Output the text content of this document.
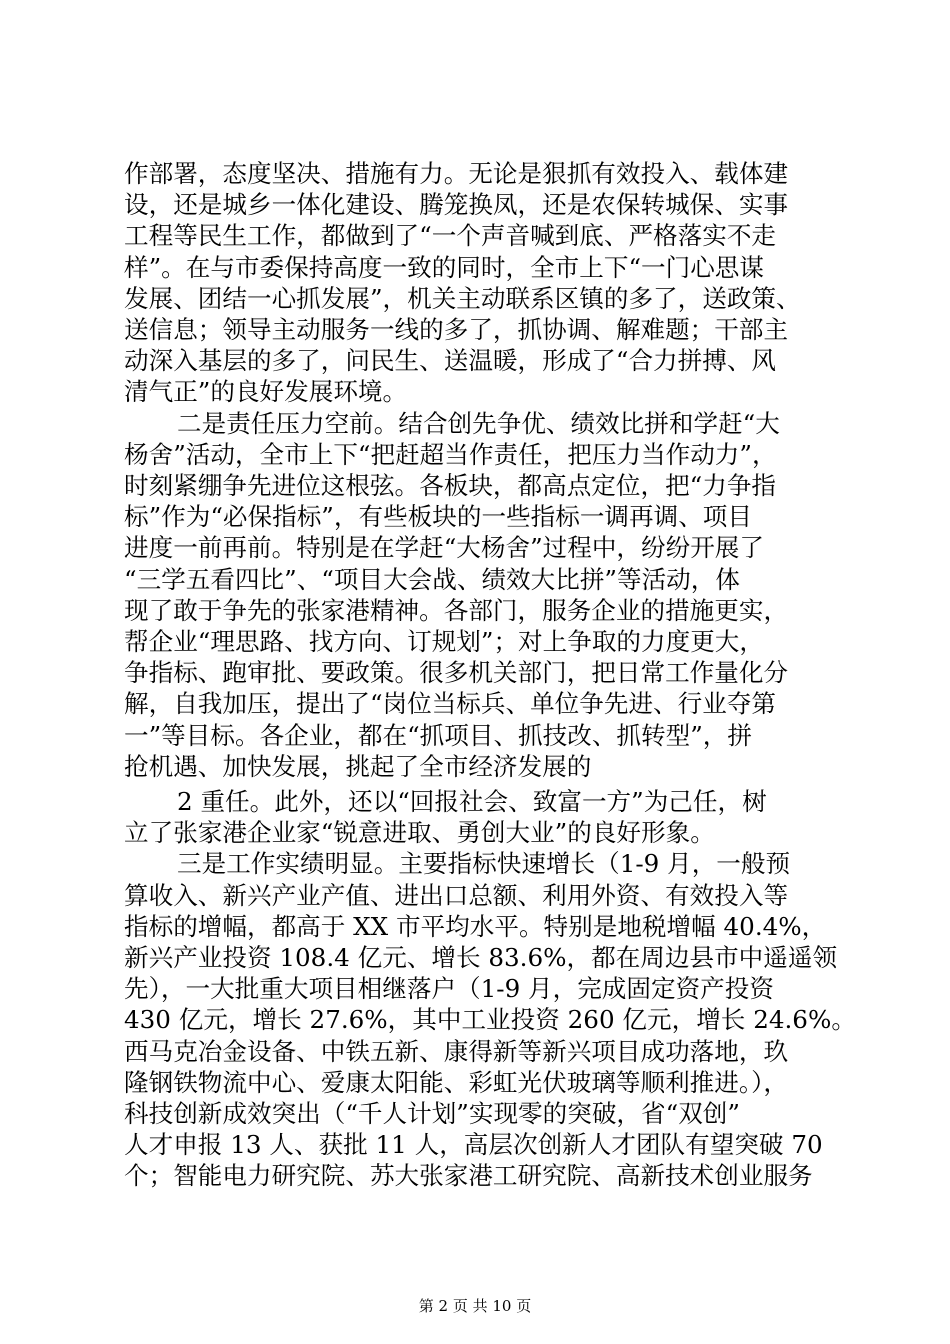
作部署，态度坚决、措施有力。无论是狠抓有效投入、载体建
设，还是城乡一体化建设、腾笼换凤，还是农保转城保、实事
工程等民生工作，都做到了“一个声音喊到底、严格落实不走
样”。在与市委保持高度一致的同时，全市上下“一门心思谋
发展、团结一心抓发展”，机关主动联系区镇的多了，送政策、
送信息；领导主动服务一线的多了，抓协调、解难题；干部主
动深入基层的多了，问民生、送温暖，形成了“合力拼搏、风
清气正”的良好发展环境。
二是责任压力空前。结合创先争优、绩效比拼和学赶“大
杨舍”活动，全市上下“把赶超当作责任，把压力当作动力”，
时刻紧绷争先进位这根弦。各板块，都高点定位，把“力争指
标”作为“必保指标”，有些板块的一些指标一调再调、项目
进度一前再前。特别是在学赶“大杨舍”过程中，纷纷开展了
“三学五看四比”、“项目大会战、绩效大比拼”等活动，体
现了敢于争先的张家港精神。各部门，服务企业的措施更实，
帮企业“理思路、找方向、订规划”；对上争取的力度更大，
争指标、跑审批、要政策。很多机关部门，把日常工作量化分
解，自我加压，提出了“岗位当标兵、单位争先进、行业夺第
一”等目标。各企业，都在“抓项目、抓技改、抓转型”，拼
抢机遇、加快发展，挑起了全市经济发展的
2 重任。此外，还以“回报社会、致富一方”为己任，树
立了张家港企业家“锐意进取、勇创大业”的良好形象。
三是工作实绩明显。主要指标快速增长（1-9 月，一般预
算收入、新兴产业产值、进出口总额、利用外资、有效投入等
指标的增幅，都高于 XX 市平均水平。特别是地税增幅 40.4%，
新兴产业投资 108.4 亿元、增长 83.6%，都在周边县市中遥遥领
先），一大批重大项目相继落户（1-9 月，完成固定资产投资
430 亿元，增长 27.6%，其中工业投资 260 亿元，增长 24.6%。
西马克冶金设备、中铁五新、康得新等新兴项目成功落地，玖
隆钢铁物流中心、爱康太阳能、彩虹光伏玻璃等顺利推进。），
科技创新成效突出（“千人计划”实现零的突破，省“双创”
人才申报 13 人、获批 11 人，高层次创新人才团队有望突破 70
个；智能电力研究院、苏大张家港工研究院、高新技术创业服务
第 2 页 共 10 页
